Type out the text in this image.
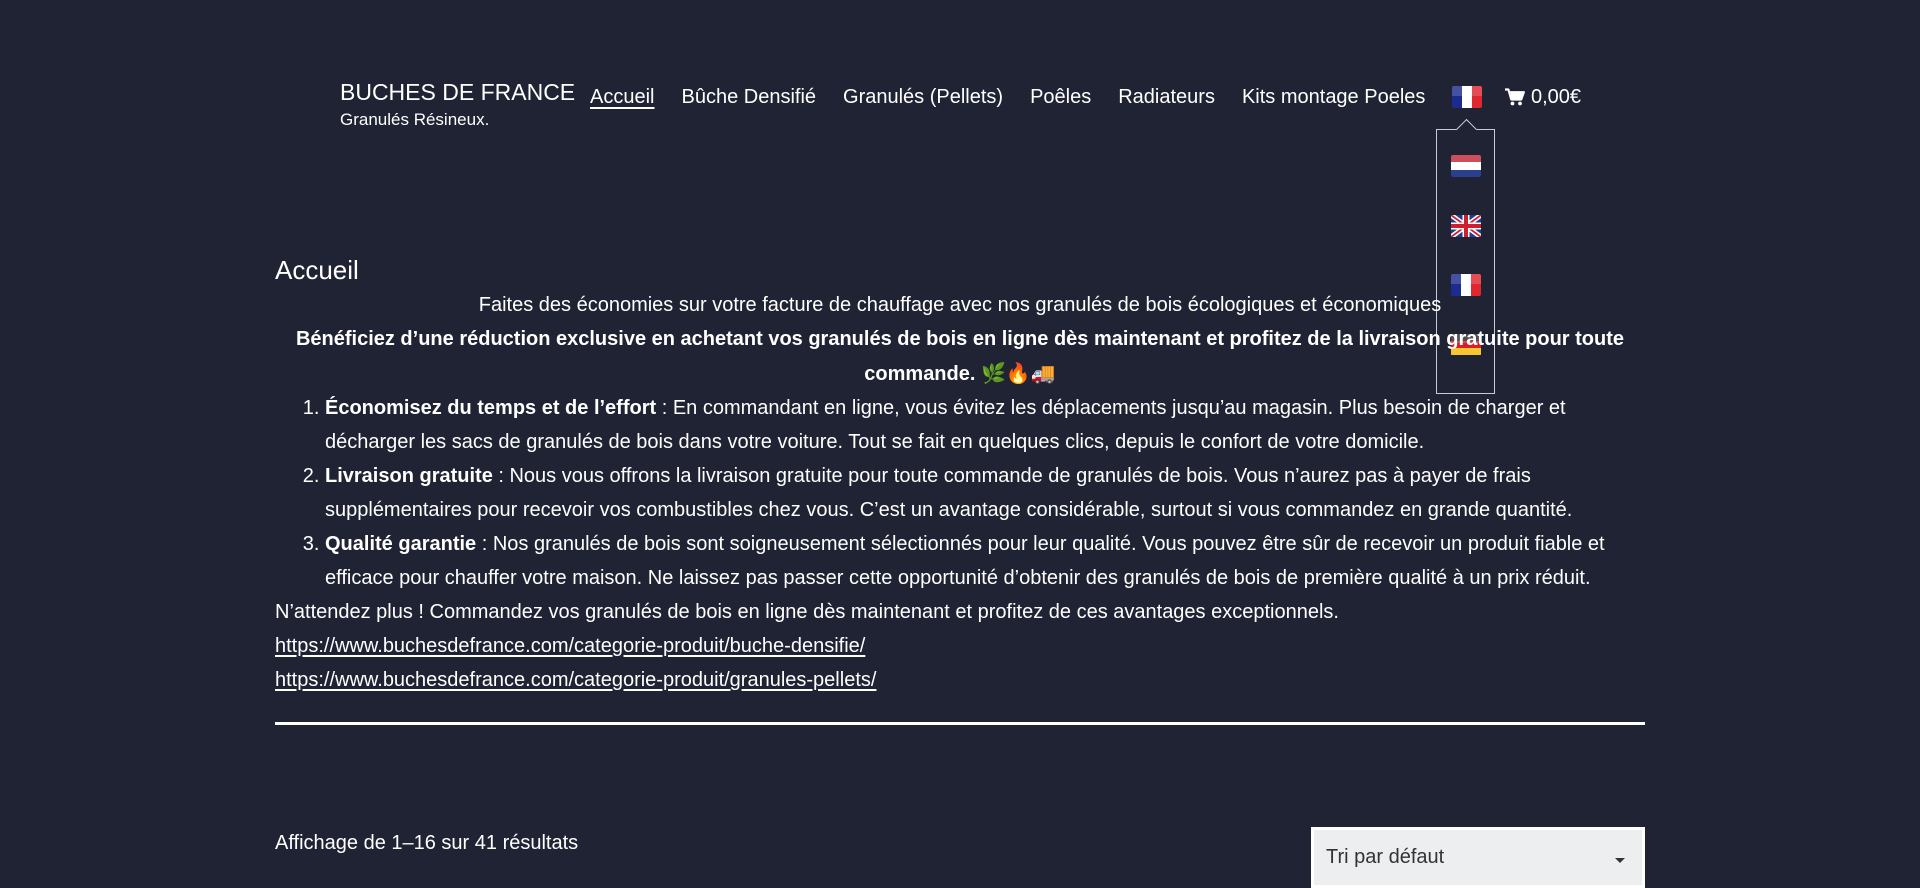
BUCHES DE FRANCE
Granulés Résineux.
Accueil Bûche Densifié Granulés (Pellets) Poêles Radiateurs Kits montage Poeles	0,00€
Accueil

Faites des économies sur votre facture de chauffage avec nos granulés de bois écologiques et économiques

Bénéficiez d’une réduction exclusive en achetant vos granulés de bois en ligne dès maintenant et profitez de la livraison gratuite pour toute
commande. 🌿🔥🚚

1. Économisez du temps et de l’effort : En commandant en ligne, vous évitez les déplacements jusqu’au magasin. Plus besoin de charger et décharger les sacs de granulés de bois dans votre voiture. Tout se fait en quelques clics, depuis le confort de votre domicile.
2. Livraison gratuite : Nous vous offrons la livraison gratuite pour toute commande de granulés de bois. Vous n’aurez pas à payer de frais supplémentaires pour recevoir vos combustibles chez vous. C’est un avantage considérable, surtout si vous commandez en grande quantité.
3. Qualité garantie : Nos granulés de bois sont soigneusement sélectionnés pour leur qualité. Vous pouvez être sûr de recevoir un produit fiable et efficace pour chauffer votre maison. Ne laissez pas passer cette opportunité d’obtenir des granulés de bois de première qualité à un prix réduit.

N’attendez plus ! Commandez vos granulés de bois en ligne dès maintenant et profitez de ces avantages exceptionnels.

https://www.buchesdefrance.com/categorie-produit/buche-densifie/

https://www.buchesdefrance.com/categorie-produit/granules-pellets/

Affichage de 1–16 sur 41 résultats
Tri par défaut
